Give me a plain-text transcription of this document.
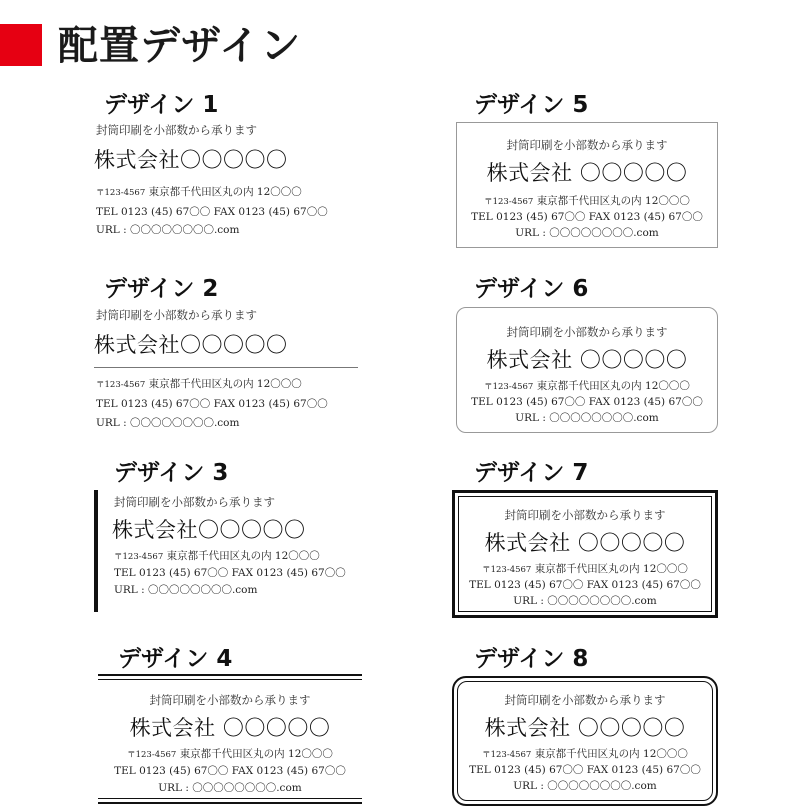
配置デザイン
デザイン 1
封筒印刷を小部数から承ります
株式会社〇〇〇〇〇
〒123-4567 東京都千代田区丸の内 12〇〇〇
TEL 0123 (45) 67〇〇 FAX 0123 (45) 67〇〇
URL : 〇〇〇〇〇〇〇〇.com
デザイン 2
封筒印刷を小部数から承ります
株式会社〇〇〇〇〇
〒123-4567 東京都千代田区丸の内 12〇〇〇
TEL 0123 (45) 67〇〇 FAX 0123 (45) 67〇〇
URL : 〇〇〇〇〇〇〇〇.com
デザイン 3
封筒印刷を小部数から承ります
株式会社〇〇〇〇〇
〒123-4567 東京都千代田区丸の内 12〇〇〇
TEL 0123 (45) 67〇〇 FAX 0123 (45) 67〇〇
URL : 〇〇〇〇〇〇〇〇.com
デザイン 4
封筒印刷を小部数から承ります
株式会社 〇〇〇〇〇
〒123-4567 東京都千代田区丸の内 12〇〇〇
TEL 0123 (45) 67〇〇 FAX 0123 (45) 67〇〇
URL : 〇〇〇〇〇〇〇〇.com
デザイン 5
封筒印刷を小部数から承ります
株式会社 〇〇〇〇〇
〒123-4567 東京都千代田区丸の内 12〇〇〇
TEL 0123 (45) 67〇〇 FAX 0123 (45) 67〇〇
URL : 〇〇〇〇〇〇〇〇.com
デザイン 6
封筒印刷を小部数から承ります
株式会社 〇〇〇〇〇
〒123-4567 東京都千代田区丸の内 12〇〇〇
TEL 0123 (45) 67〇〇 FAX 0123 (45) 67〇〇
URL : 〇〇〇〇〇〇〇〇.com
デザイン 7
封筒印刷を小部数から承ります
株式会社 〇〇〇〇〇
〒123-4567 東京都千代田区丸の内 12〇〇〇
TEL 0123 (45) 67〇〇 FAX 0123 (45) 67〇〇
URL : 〇〇〇〇〇〇〇〇.com
デザイン 8
封筒印刷を小部数から承ります
株式会社 〇〇〇〇〇
〒123-4567 東京都千代田区丸の内 12〇〇〇
TEL 0123 (45) 67〇〇 FAX 0123 (45) 67〇〇
URL : 〇〇〇〇〇〇〇〇.com
